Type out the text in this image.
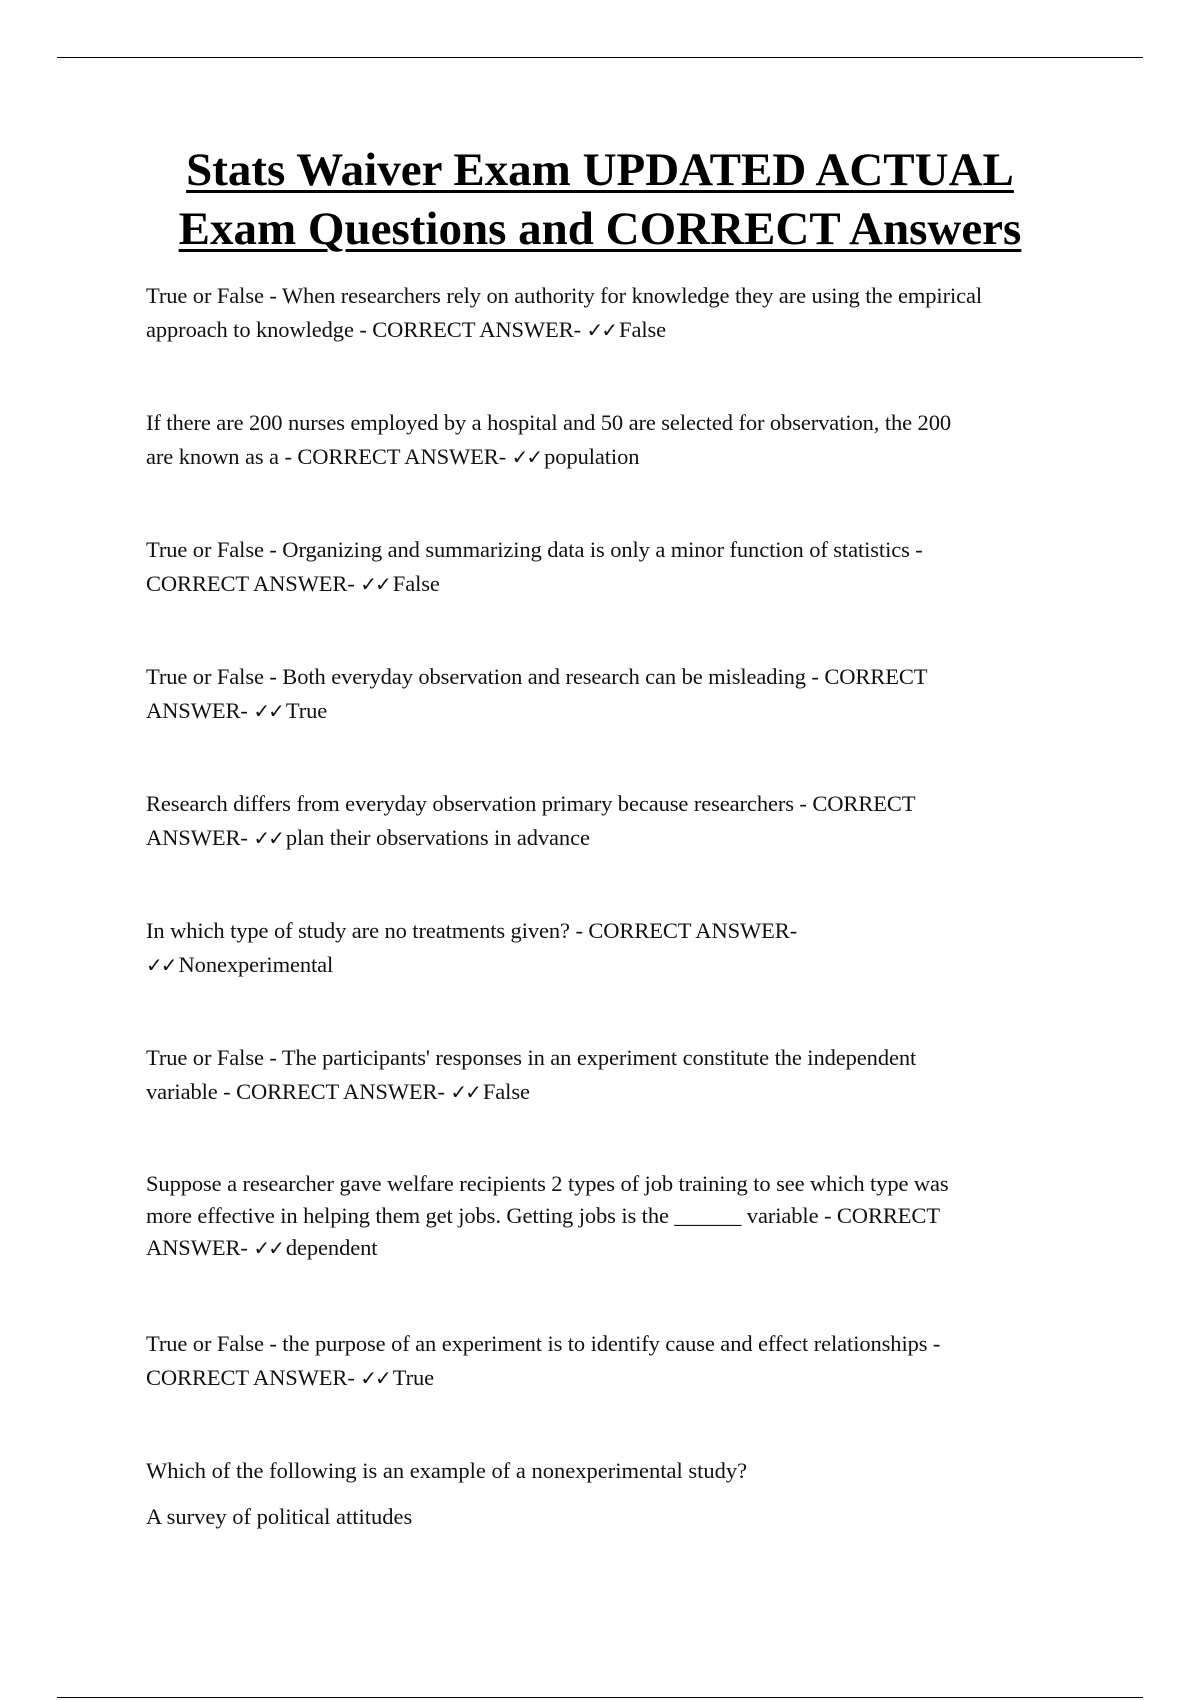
Stats Waiver Exam UPDATED ACTUAL
Exam Questions and CORRECT Answers

True or False - When researchers rely on authority for knowledge they are using the empirical
approach to knowledge - CORRECT ANSWER- ✓✓ False

If there are 200 nurses employed by a hospital and 50 are selected for observation, the 200
are known as a - CORRECT ANSWER- ✓✓ population

True or False - Organizing and summarizing data is only a minor function of statistics -
CORRECT ANSWER- ✓✓ False

True or False - Both everyday observation and research can be misleading - CORRECT
ANSWER- ✓✓ True

Research differs from everyday observation primary because researchers - CORRECT
ANSWER- ✓✓ plan their observations in advance

In which type of study are no treatments given? - CORRECT ANSWER-
✓✓ Nonexperimental

True or False - The participants' responses in an experiment constitute the independent
variable - CORRECT ANSWER- ✓✓ False

Suppose a researcher gave welfare recipients 2 types of job training to see which type was
more effective in helping them get jobs. Getting jobs is the ______ variable - CORRECT
ANSWER- ✓✓ dependent

True or False - the purpose of an experiment is to identify cause and effect relationships -
CORRECT ANSWER- ✓✓ True

Which of the following is an example of a nonexperimental study?

A survey of political attitudes
